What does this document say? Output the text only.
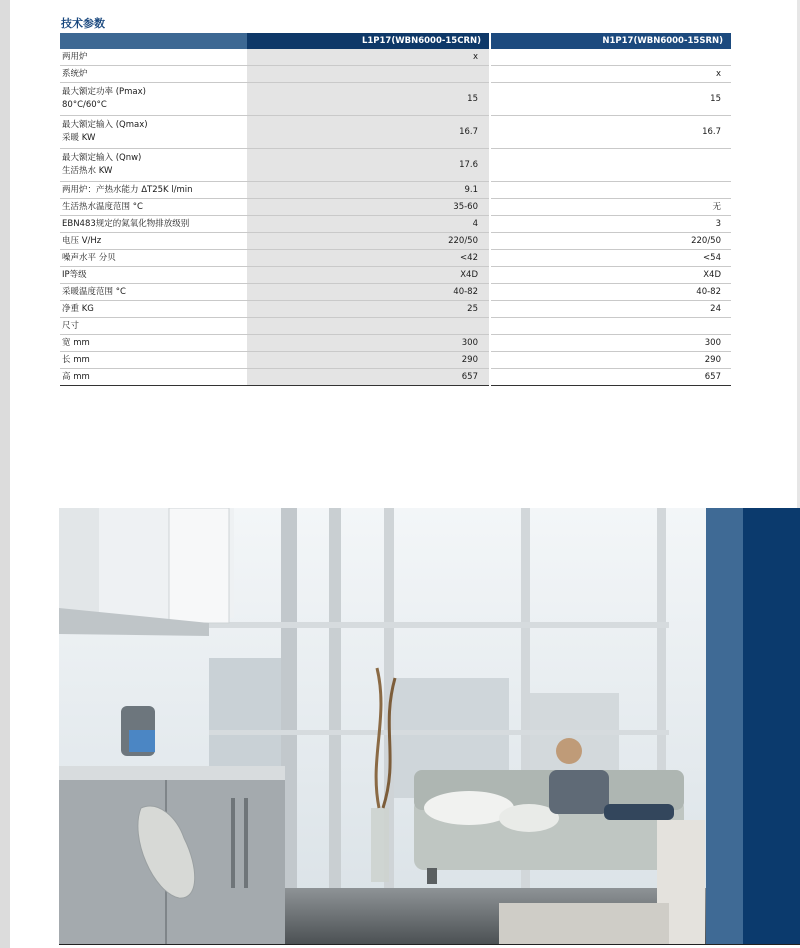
技术参数
	L1P17(WBN6000-15CRN)	N1P17(WBN6000-15SRN)
两用炉	x	
系统炉		x

最大额定功率 (Pmax)
80°C/60°C	15	15

最大额定输入 (Qmax)
采暖 KW	16.7	16.7

最大额定输入 (Qnw)
生活热水 KW	17.6	
两用炉：产热水能力 ΔT25K l/min	9.1	
生活热水温度范围 °C	35-60	无
EBN483规定的氮氧化物排放级别	4	3
电压 V/Hz	220/50	220/50
噪声水平 分贝	<42	<54
IP等级	X4D	X4D
采暖温度范围 °C	40-82	40-82
净重 KG	25	24
尺寸		
宽 mm	300	300
长 mm	290	290
高 mm	657	657
